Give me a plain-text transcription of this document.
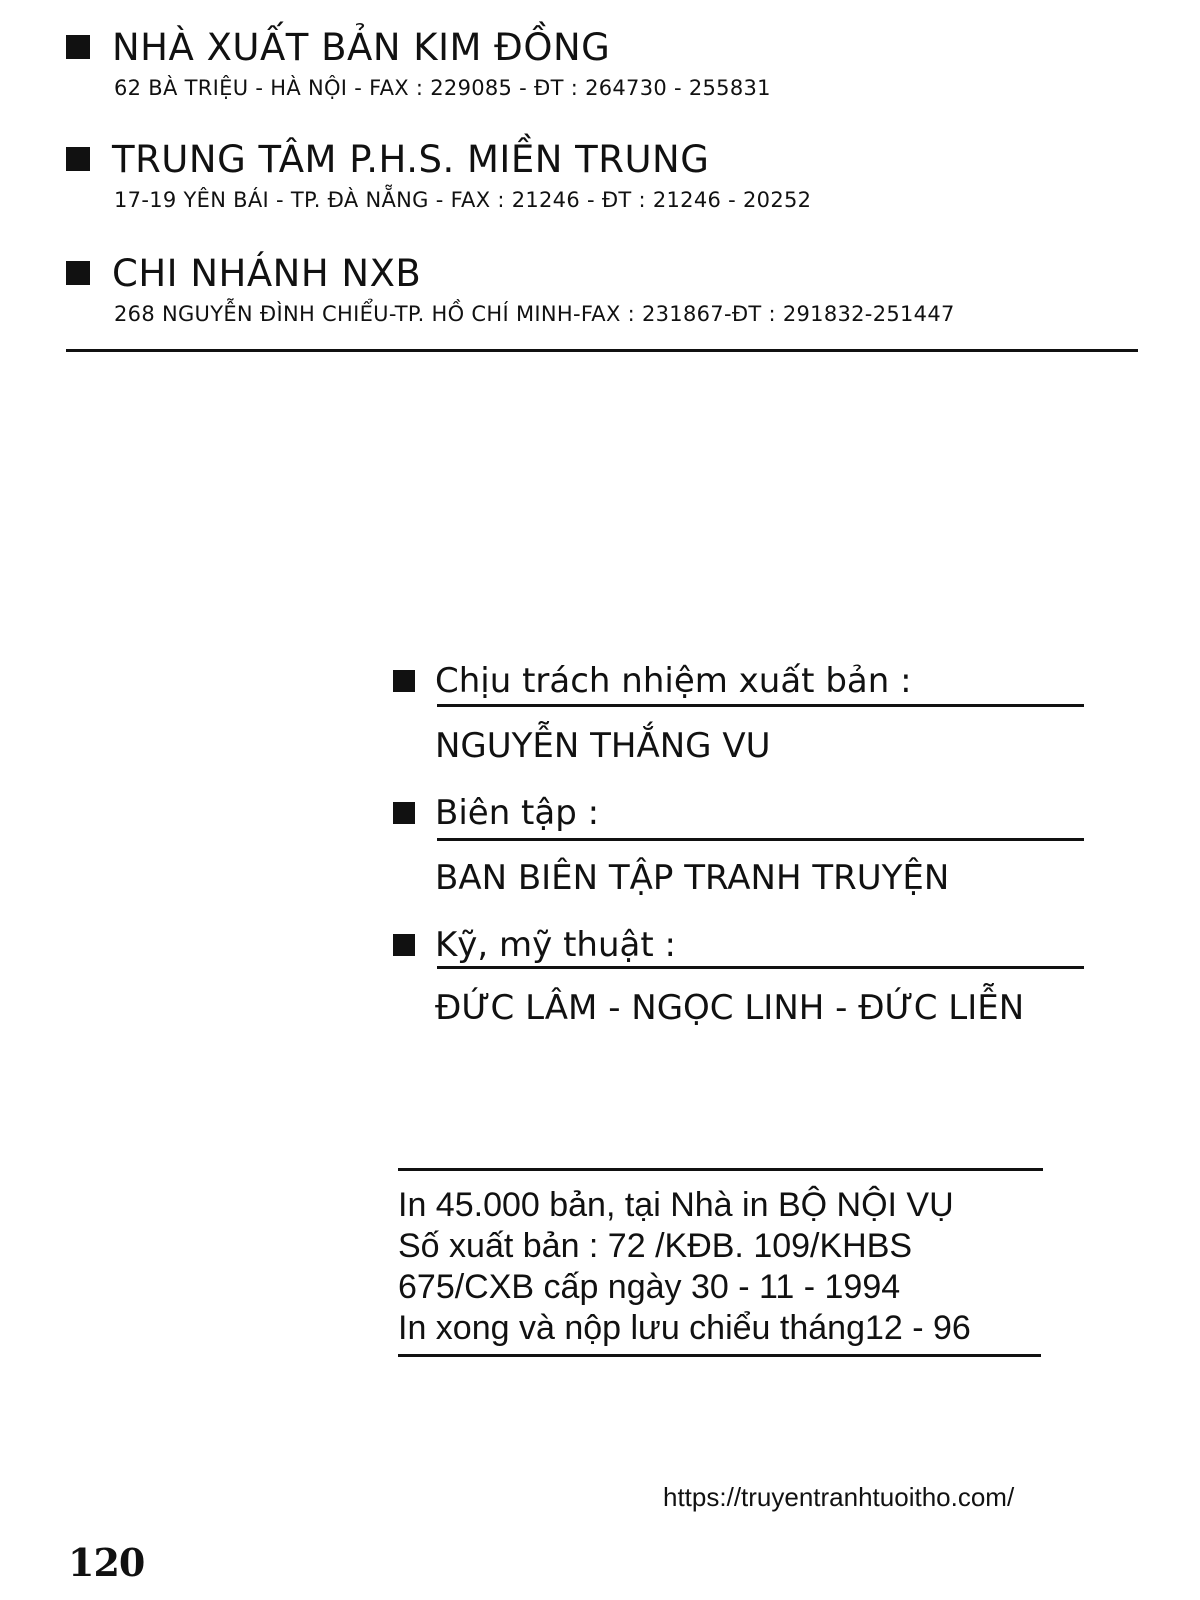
NHÀ XUẤT BẢN KIM ĐỒNG
62 BÀ TRIỆU - HÀ NỘI - FAX : 229085 - ĐT : 264730 - 255831
TRUNG TÂM P.H.S. MIỀN TRUNG
17-19 YÊN BÁI - TP. ĐÀ NẴNG - FAX : 21246 - ĐT : 21246 - 20252
CHI NHÁNH NXB
268 NGUYỄN ĐÌNH CHIỂU-TP. HỒ CHÍ MINH-FAX : 231867-ĐT : 291832-251447
Chịu trách nhiệm xuất bản :
NGUYỄN THẮNG VU
Biên tập :
BAN BIÊN TẬP TRANH TRUYỆN
Kỹ, mỹ thuật :
ĐỨC LÂM - NGỌC LINH - ĐỨC LIỄN
In 45.000 bản, tại Nhà in BỘ NỘI VỤ
Số xuất bản : 72 /KĐB. 109/KHBS
675/CXB cấp ngày 30 - 11 - 1994
In xong và nộp lưu chiểu tháng12 - 96
https://truyentranhtuoitho.com/
120
